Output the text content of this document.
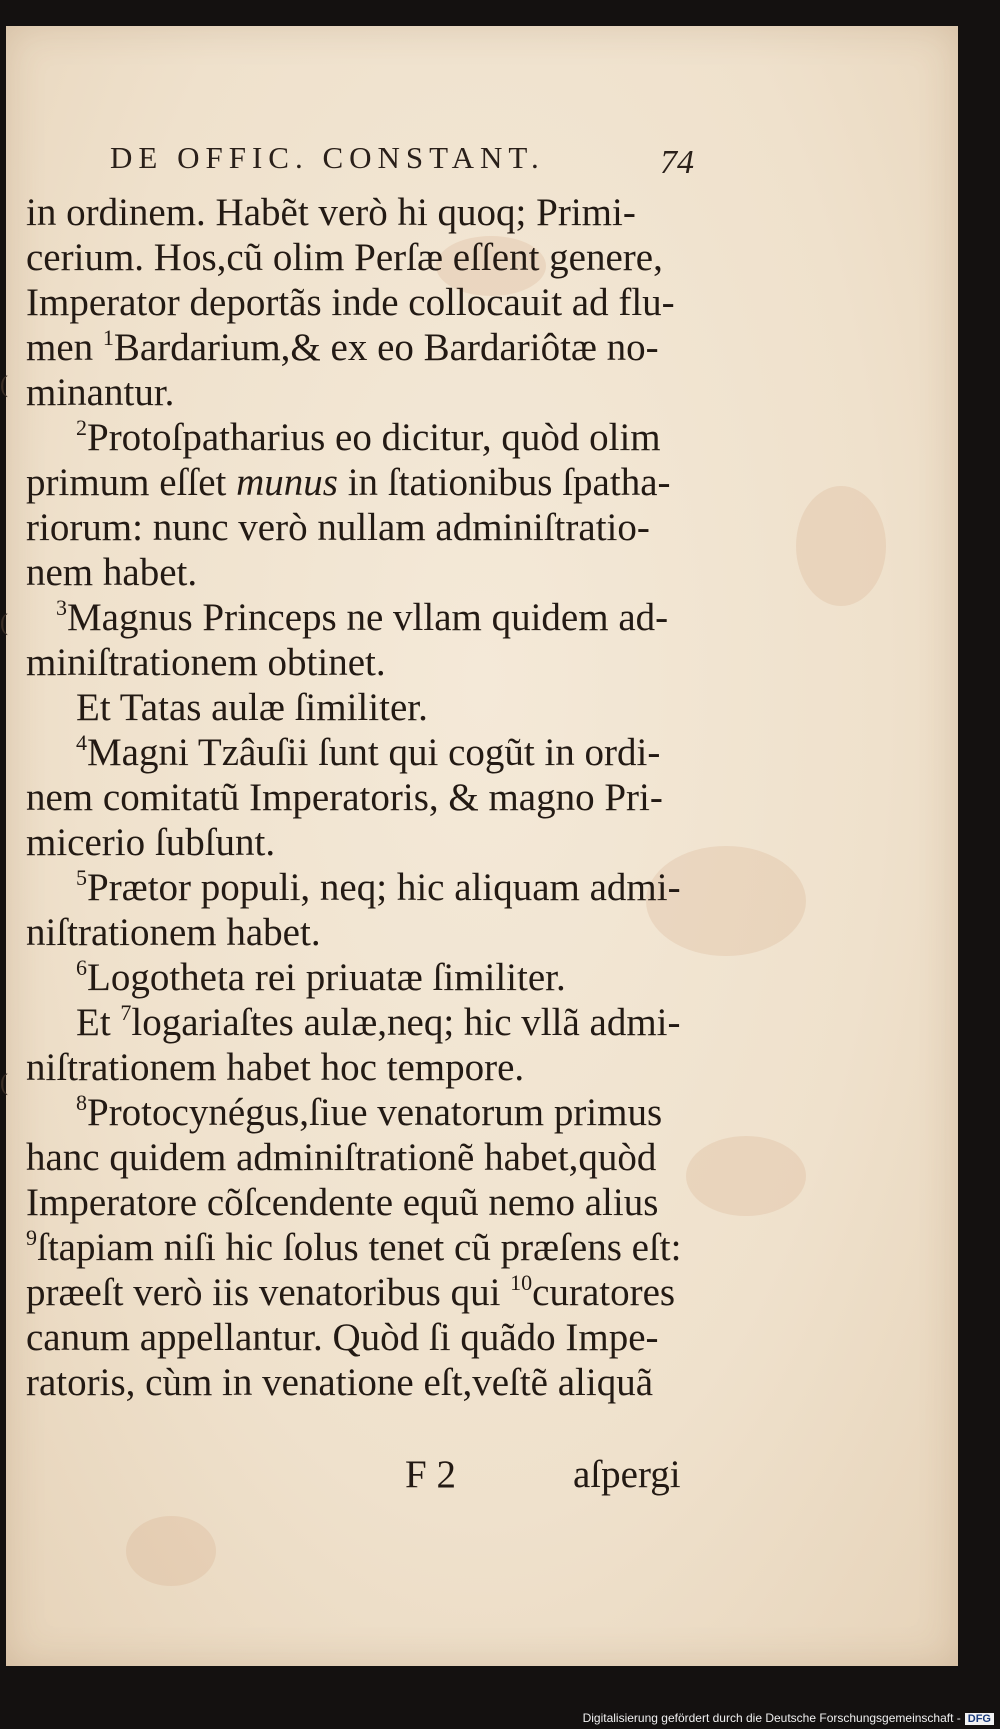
(
(
(
DE OFFIC. CONSTANT.	74
in ordinem. Habẽt verò hi quoq; Primi-
cerium. Hos,cũ olim Perſæ eſſent genere,
Imperator deportãs inde collocauit ad flu-
men $^1$Bardarium,& ex eo Bardariôtæ no-
minantur.
$^2$Protoſpatharius eo dicitur, quòd olim
primum eſſet munus in ſtationibus ſpatha-
riorum: nunc verò nullam adminiſtratio-
nem habet.
$^3$Magnus Princeps ne vllam quidem ad-
miniſtrationem obtinet.
Et Tatas aulæ ſimiliter.
$^4$Magni Tzâuſii ſunt qui cogũt in ordi-
nem comitatũ Imperatoris, & magno Pri-
micerio ſubſunt.
$^5$Prætor populi, neq; hic aliquam admi-
niſtrationem habet.
$^6$Logotheta rei priuatæ ſimiliter.
Et $^7$logariaſtes aulæ,neq; hic vllã admi-
niſtrationem habet hoc tempore.
$^8$Protocynégus,ſiue venatorum primus
hanc quidem adminiſtrationẽ habet,quòd
Imperatore cõſcendente equũ nemo alius
$^9$ſtapiam niſi hic ſolus tenet cũ præſens eſt:
præeſt verò iis venatoribus qui $^{10}$curatores
canum appellantur. Quòd ſi quãdo Impe-
ratoris, cùm in venatione eſt,veſtẽ aliquã
F 2	aſpergi
Digitalisierung gefördert durch die Deutsche Forschungsgemeinschaft - DFG
